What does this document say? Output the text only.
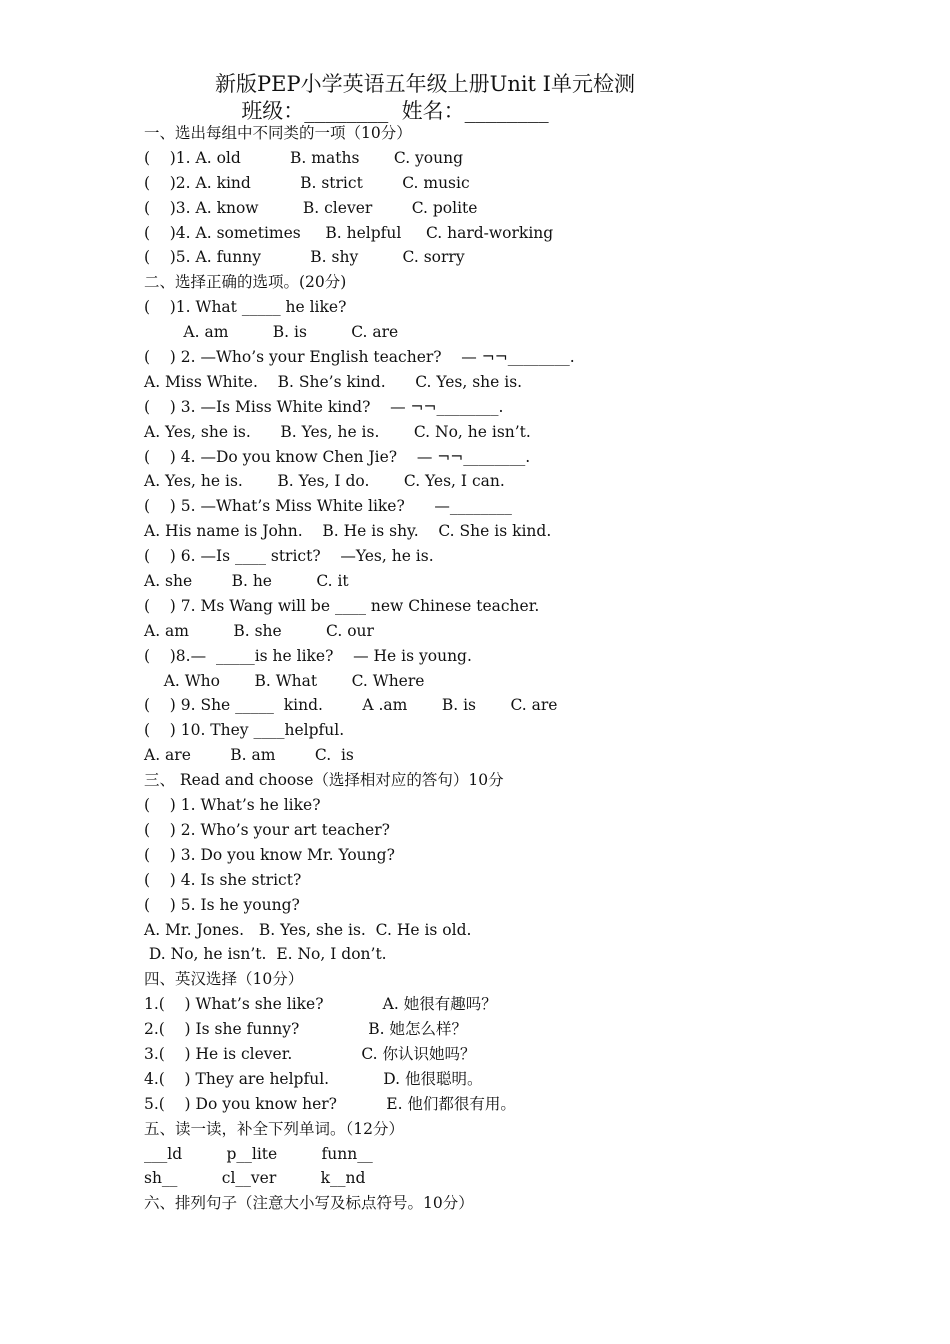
新版PEP小学英语五年级上册Unit I单元检测
班级：________  姓名：________
一、选出每组中不同类的一项（10分）
(    )1. A. old          B. maths       C. young
(    )2. A. kind          B. strict        C. music
(    )3. A. know         B. clever        C. polite
(    )4. A. sometimes     B. helpful     C. hard-working
(    )5. A. funny          B. shy         C. sorry
二、选择正确的选项。(20分)
(    )1. What _____ he like?
A. am         B. is         C. are
(    ) 2. —Who’s your English teacher?    — ¬¬________.
A. Miss White.    B. She’s kind.      C. Yes, she is.
(    ) 3. —Is Miss White kind?    — ¬¬________.
A. Yes, she is.      B. Yes, he is.       C. No, he isn’t.
(    ) 4. —Do you know Chen Jie?    — ¬¬________.
A. Yes, he is.       B. Yes, I do.       C. Yes, I can.
(    ) 5. —What’s Miss White like?      —________
A. His name is John.    B. He is shy.    C. She is kind.
(    ) 6. —Is ____ strict?    —Yes, he is.
A. she        B. he         C. it
(    ) 7. Ms Wang will be ____ new Chinese teacher.
A. am         B. she         C. our
(    )8.—  _____is he like?    — He is young.
A. Who       B. What       C. Where
(    ) 9. She _____  kind.        A .am       B. is       C. are
(    ) 10. They ____helpful.
A. are        B. am        C.  is
三、 Read and choose（选择相对应的答句）10分
(    ) 1. What’s he like?
(    ) 2. Who’s your art teacher?
(    ) 3. Do you know Mr. Young?
(    ) 4. Is she strict?
(    ) 5. Is he young?
A. Mr. Jones.   B. Yes, she is.  C. He is old.
D. No, he isn’t.  E. No, I don’t.
四、英汉选择（10分）
1.(    ) What’s she like?            A. 她很有趣吗？
2.(    ) Is she funny?              B. 她怎么样？
3.(    ) He is clever.              C. 你认识她吗？
4.(    ) They are helpful.           D. 他很聪明。
5.(    ) Do you know her?          E. 他们都很有用。
五、读一读，补全下列单词。（12分）
___ld         p__lite         funn__
sh__         cl__ver         k__nd
六、排列句子（注意大小写及标点符号。10分）
